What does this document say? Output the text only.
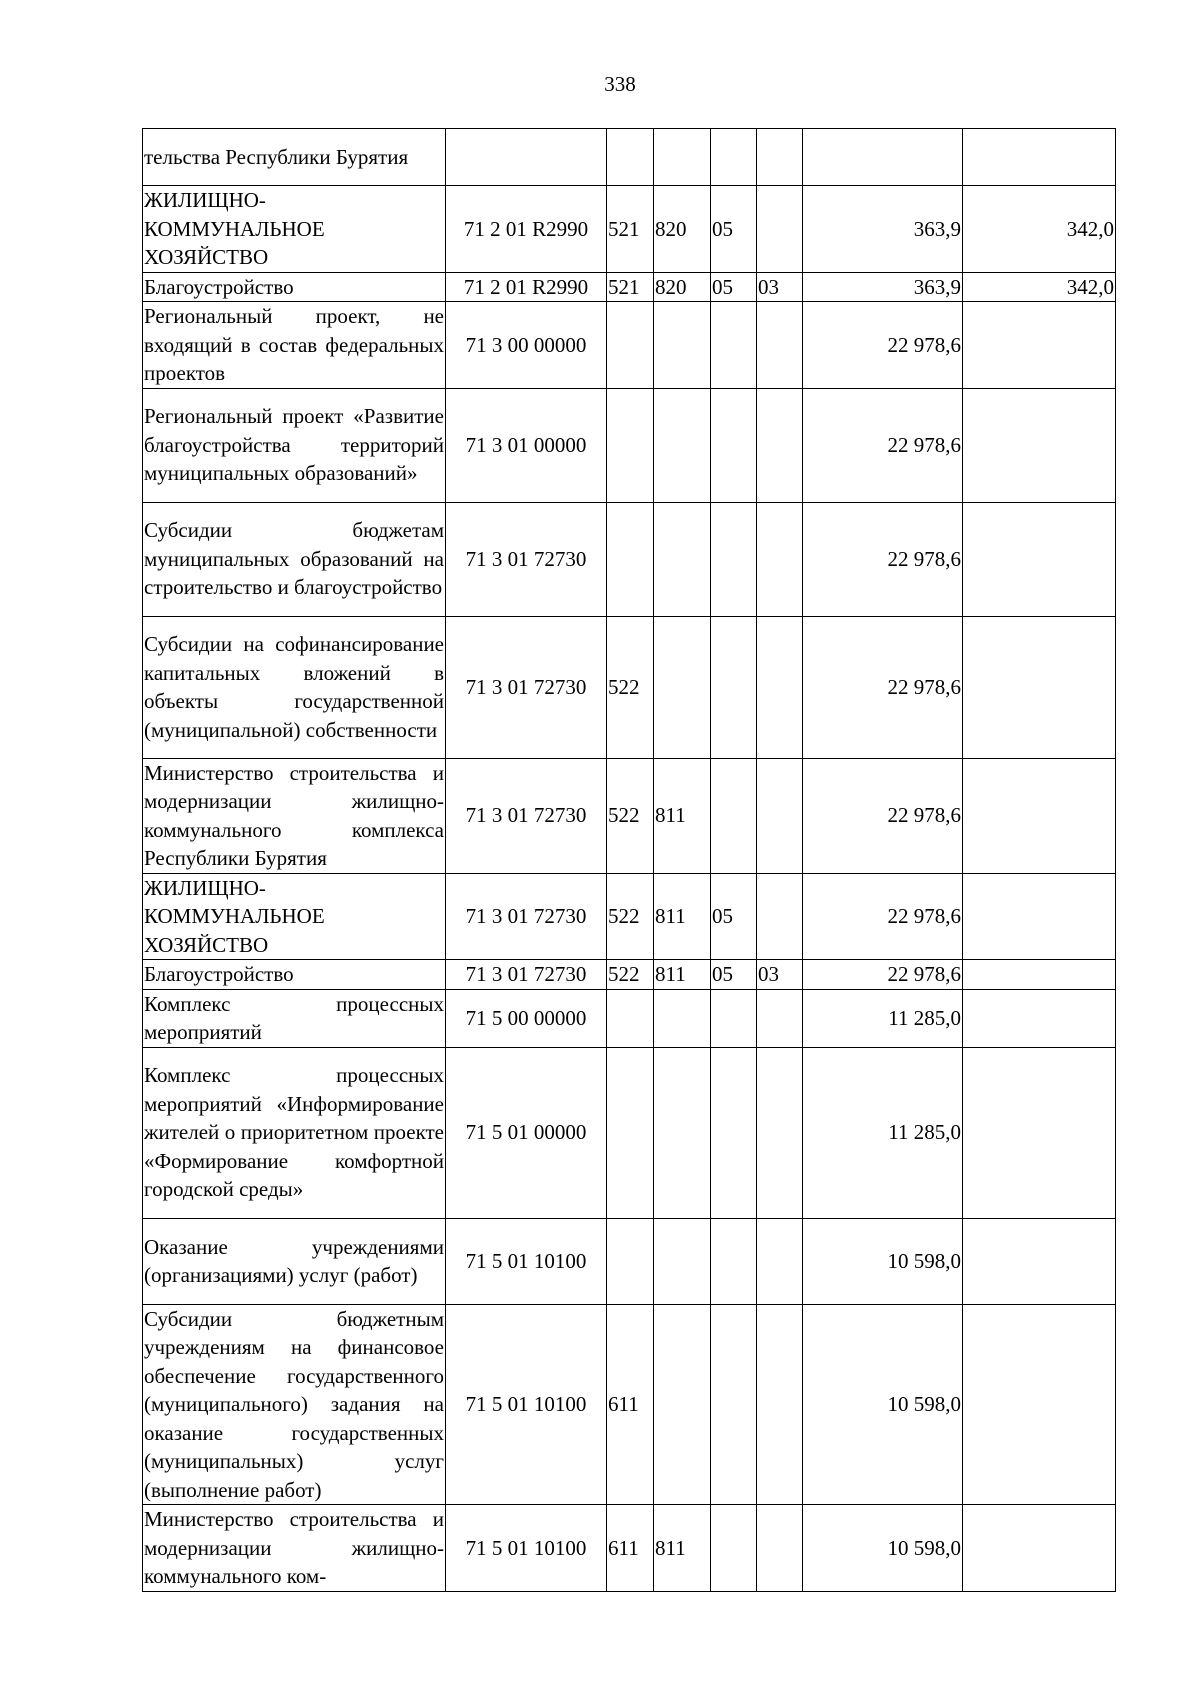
338
тельства Республики Бурятия							
ЖИЛИЩНО-КОММУНАЛЬНОЕ ХОЗЯЙСТВО	71 2 01 R2990	521	820	05		363,9	342,0
Благоустройство	71 2 01 R2990	521	820	05	03	363,9	342,0
Региональный проект, не входящий в состав федеральных проектов	71 3 00 00000					22 978,6	
Региональный проект «Развитие благоустройства территорий муниципальных образований»	71 3 01 00000					22 978,6	
Субсидии бюджетам муниципальных образований на строительство и благоустройство	71 3 01 72730					22 978,6	
Субсидии на софинансирование капитальных вложений в объекты государственной (муниципальной) собственности	71 3 01 72730	522				22 978,6	
Министерство строительства и модернизации жилищно-коммунального комплекса Республики Бурятия	71 3 01 72730	522	811			22 978,6	
ЖИЛИЩНО-КОММУНАЛЬНОЕ ХОЗЯЙСТВО	71 3 01 72730	522	811	05		22 978,6	
Благоустройство	71 3 01 72730	522	811	05	03	22 978,6	
Комплекс процессных мероприятий	71 5 00 00000					11 285,0	
Комплекс процессных мероприятий «Информирование жителей о приоритетном проекте «Формирование комфортной городской среды»	71 5 01 00000					11 285,0	
Оказание учреждениями (организациями) услуг (работ)	71 5 01 10100					10 598,0	
Субсидии бюджетным учреждениям на финансовое обеспечение государственного (муниципального) задания на оказание государственных (муниципальных) услуг (выполнение работ)	71 5 01 10100	611				10 598,0	
Министерство строительства и модернизации жилищно-коммунального ком-	71 5 01 10100	611	811			10 598,0	
